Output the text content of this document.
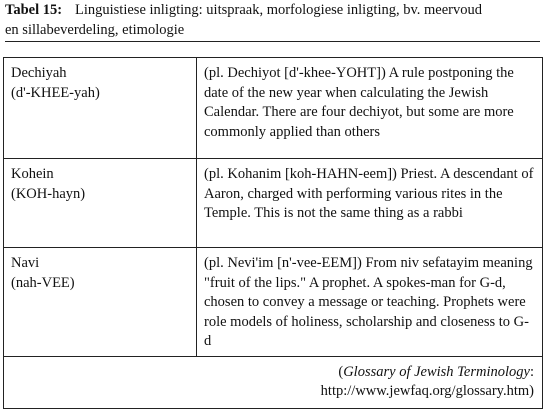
Tabel 15: Linguistiese inligting: uitspraak, morfologiese inligting, bv. meervoud
en sillabeverdeling, etimologie
Dechiyah
(d'-KHEE-yah)	(pl. Dechiyot [d'-khee-YOHT]) A rule postponing the date of the new year when calculating the Jewish Calendar. There are four dechiyot, but some are more commonly applied than others

Kohein
(KOH-hayn)	(pl. Kohanim [koh-HAHN-eem]) Priest. A descendant of Aaron, charged with performing various rites in the Temple. This is not the same thing as a rabbi

Navi
(nah-VEE)	(pl. Nevi'im [n'-vee-EEM]) From niv sefatayim meaning "fruit of the lips." A prophet. A spokes-man for G-d, chosen to convey a message or teaching. Prophets were role models of holiness, scholarship and closeness to G-d
(Glossary of Jewish Terminology:
http://www.jewfaq.org/glossary.htm)	
